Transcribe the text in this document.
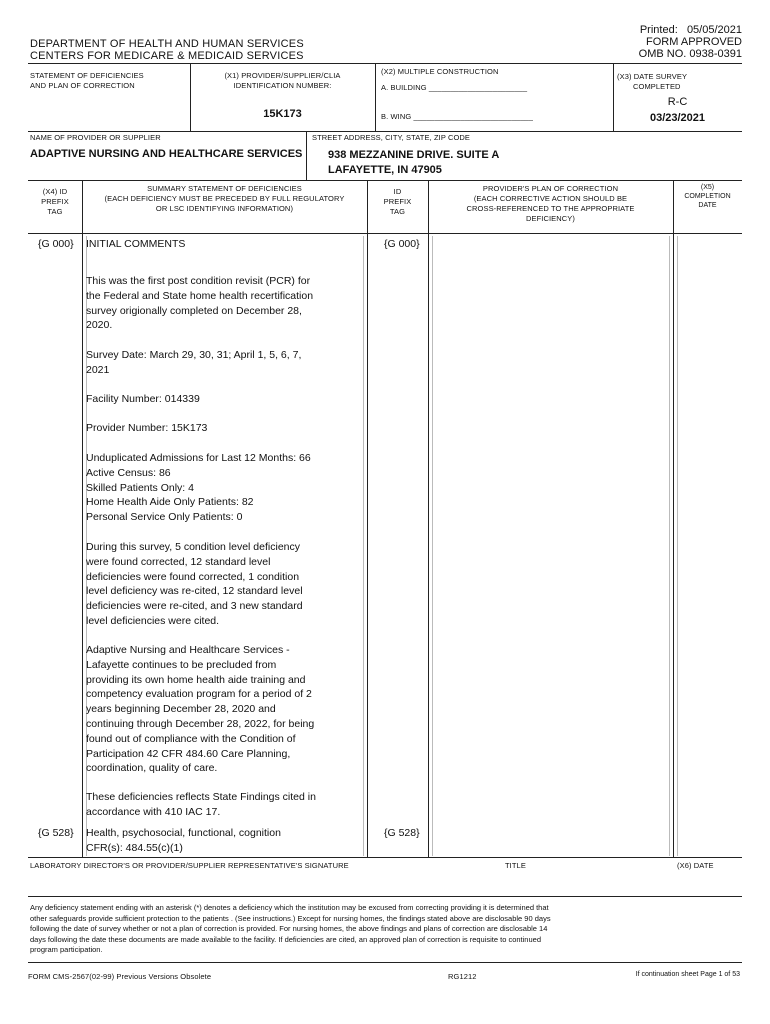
Printed: 05/05/2021
FORM APPROVED
OMB NO. 0938-0391
DEPARTMENT OF HEALTH AND HUMAN SERVICES
CENTERS FOR MEDICARE & MEDICAID SERVICES
STATEMENT OF DEFICIENCIES
AND PLAN OF CORRECTION
(X1) PROVIDER/SUPPLIER/CLIA
IDENTIFICATION NUMBER:
15K173
(X2) MULTIPLE CONSTRUCTION
A. BUILDING _______________________
B. WING ____________________________
(X3) DATE SURVEY
COMPLETED
R-C
03/23/2021
NAME OF PROVIDER OR SUPPLIER
ADAPTIVE NURSING AND HEALTHCARE SERVICES
STREET ADDRESS, CITY, STATE, ZIP CODE
938 MEZZANINE DRIVE. SUITE A
LAFAYETTE, IN 47905
(X4) ID
PREFIX
TAG
SUMMARY STATEMENT OF DEFICIENCIES
(EACH DEFICIENCY MUST BE PRECEDED BY FULL REGULATORY
OR LSC IDENTIFYING INFORMATION)
ID
PREFIX
TAG
PROVIDER'S PLAN OF CORRECTION
(EACH CORRECTIVE ACTION SHOULD BE
CROSS-REFERENCED TO THE APPROPRIATE
DEFICIENCY)
(X5)
COMPLETION
DATE
{G 000} INITIAL COMMENTS	{G 000}
This was the first post condition revisit (PCR) for
the Federal and State home health recertification
survey origionally completed on December 28,
2020.
Survey Date: March 29, 30, 31; April 1, 5, 6, 7,
2021
Facility Number: 014339
Provider Number: 15K173
Unduplicated Admissions for Last 12 Months: 66
Active Census: 86
Skilled Patients Only: 4
Home Health Aide Only Patients: 82
Personal Service Only Patients: 0
During this survey, 5 condition level deficiency
were found corrected, 12 standard level
deficiencies were found corrected, 1 condition
level deficiency was re-cited, 12 standard level
deficiencies were re-cited, and 3 new standard
level deficiencies were cited.
Adaptive Nursing and Healthcare Services -
Lafayette continues to be precluded from
providing its own home health aide training and
competency evaluation program for a period of 2
years beginning December 28, 2020 and
continuing through December 28, 2022, for being
found out of compliance with the Condition of
Participation 42 CFR 484.60 Care Planning,
coordination, quality of care.
These deficiencies reflects State Findings cited in
accordance with 410 IAC 17.
{G 528} Health, psychosocial, functional, cognition
CFR(s): 484.55(c)(1)
{G 528}
LABORATORY DIRECTOR'S OR PROVIDER/SUPPLIER REPRESENTATIVE'S SIGNATURE	TITLE	(X6) DATE
Any deficiency statement ending with an asterisk (*) denotes a deficiency which the institution may be excused from correcting providing it is determined that
other safeguards provide sufficient protection to the patients . (See instructions.) Except for nursing homes, the findings stated above are disclosable 90 days
following the date of survey whether or not a plan of correction is provided. For nursing homes, the above findings and plans of correction are disclosable 14
days following the date these documents are made available to the facility. If deficiencies are cited, an approved plan of correction is requisite to continued
program participation.
FORM CMS-2567(02-99) Previous Versions Obsolete	RG1212	If continuation sheet Page 1 of 53
